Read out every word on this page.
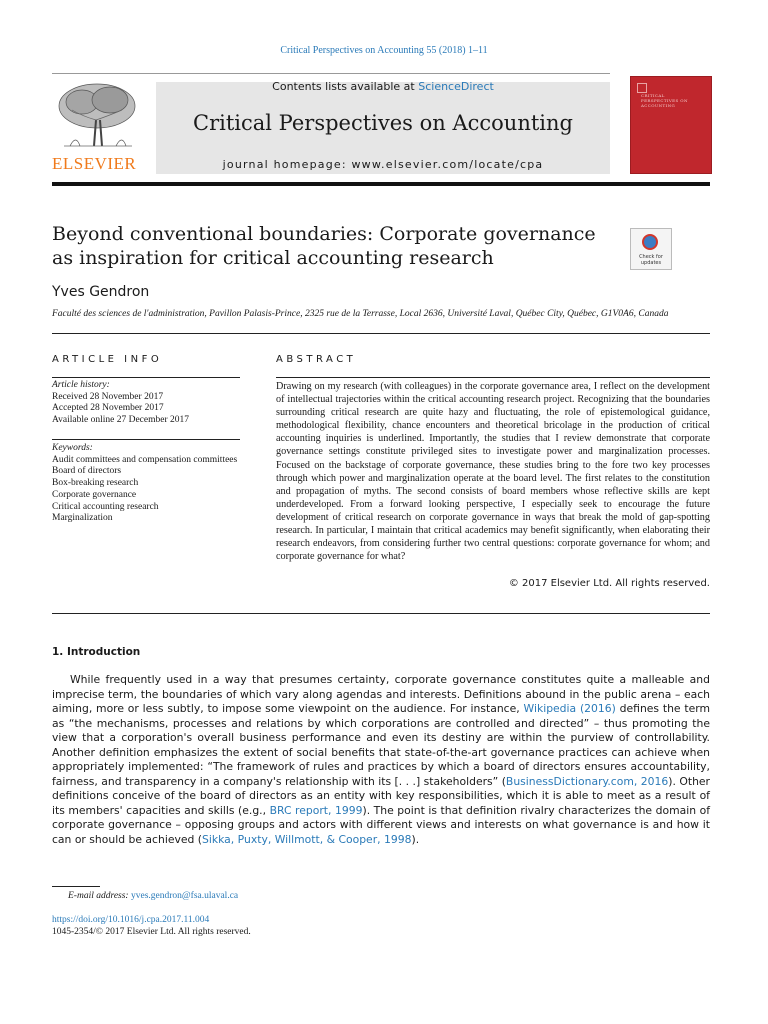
Critical Perspectives on Accounting 55 (2018) 1–11
ELSEVIER
Contents lists available at ScienceDirect
Critical Perspectives on Accounting
journal homepage: www.elsevier.com/locate/cpa
CRITICAL PERSPECTIVES ON ACCOUNTING
Beyond conventional boundaries: Corporate governance as inspiration for critical accounting research	Check for updates
Yves Gendron
Faculté des sciences de l'administration, Pavillon Palasis-Prince, 2325 rue de la Terrasse, Local 2636, Université Laval, Québec City, Québec, G1V0A6, Canada
ARTICLE INFO	ABSTRACT
Article history:
Received 28 November 2017
Accepted 28 November 2017
Available online 27 December 2017
Keywords:
Audit committees and compensation committees
Board of directors
Box-breaking research
Corporate governance
Critical accounting research
Marginalization
Drawing on my research (with colleagues) in the corporate governance area, I reflect on the development of intellectual trajectories within the critical accounting research project. Recognizing that the boundaries surrounding critical research are quite hazy and fluctuating, the role of epistemological guidance, methodological flexibility, chance encounters and theoretical bricolage in the production of critical accounting inquiries is underlined. Importantly, the studies that I review demonstrate that corporate governance settings constitute privileged sites to investigate power and marginalization processes. Focused on the backstage of corporate governance, these studies bring to the fore two key processes through which power and marginalization operate at the board level. The first relates to the constitution and propagation of myths. The second consists of board members whose reflective skills are kept underdeveloped. From a forward looking perspective, I especially seek to encourage the future development of critical research on corporate governance in ways that break the mold of gap-spotting research. In particular, I maintain that critical academics may benefit significantly, when elaborating their research endeavors, from considering further two central questions: corporate governance for whom; and corporate governance for what?
© 2017 Elsevier Ltd. All rights reserved.
1. Introduction
While frequently used in a way that presumes certainty, corporate governance constitutes quite a malleable and imprecise term, the boundaries of which vary along agendas and interests. Definitions abound in the public arena – each aiming, more or less subtly, to impose some viewpoint on the audience. For instance, Wikipedia (2016) defines the term as “the mechanisms, processes and relations by which corporations are controlled and directed” – thus promoting the view that a corporation's overall business performance and even its destiny are within the purview of controllability. Another definition emphasizes the extent of social benefits that state-of-the-art governance practices can achieve when appropriately implemented: “The framework of rules and practices by which a board of directors ensures accountability, fairness, and transparency in a company's relationship with its [. . .] stakeholders” (BusinessDictionary.com, 2016). Other definitions conceive of the board of directors as an entity with key responsibilities, which it is able to meet as a result of its members' capacities and skills (e.g., BRC report, 1999). The point is that definition rivalry characterizes the domain of corporate governance – opposing groups and actors with different views and interests on what governance is and how it can or should be achieved (Sikka, Puxty, Willmott, & Cooper, 1998).
E-mail address: yves.gendron@fsa.ulaval.ca
https://doi.org/10.1016/j.cpa.2017.11.004
1045-2354/© 2017 Elsevier Ltd. All rights reserved.
